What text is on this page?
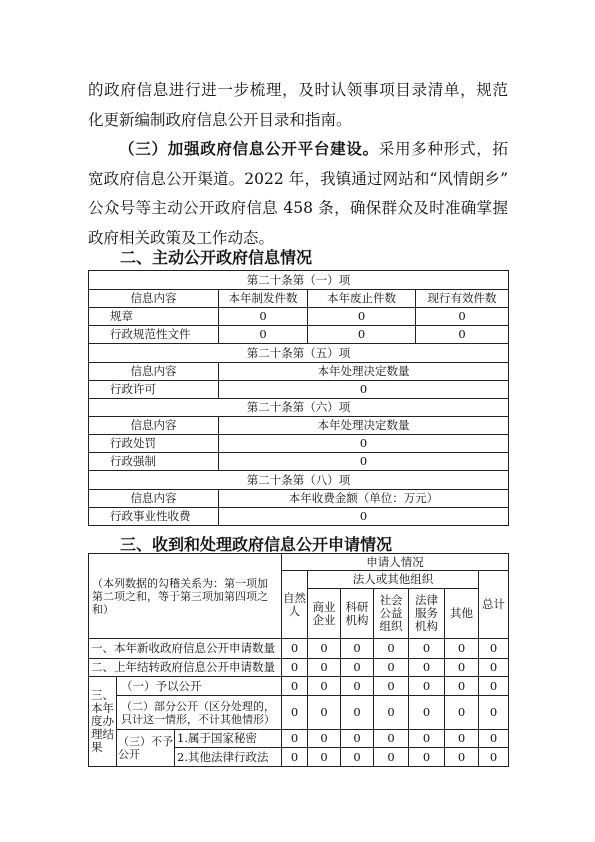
的政府信息进行进一步梳理，及时认领事项目录清单，规范
化更新编制政府信息公开目录和指南。
（三）加强政府信息公开平台建设。采用多种形式，拓
宽政府信息公开渠道。2022 年，我镇通过网站和“风情朗乡”
公众号等主动公开政府信息 458 条，确保群众及时准确掌握
政府相关政策及工作动态。
二、主动公开政府信息情况
第二十条第（一）项			
信息内容	本年制发件数	本年废止件数	现行有效件数
规章	0	0	0
行政规范性文件	0	0	0
第二十条第（五）项			
信息内容	本年处理决定数量		
行政许可	0		
第二十条第（六）项			
信息内容	本年处理决定数量		
行政处罚	0		
行政强制	0		
第二十条第（八）项			
信息内容	本年收费金额（单位：万元）		
行政事业性收费	0		
三、收到和处理政府信息公开申请情况
（本列数据的勾稽关系为：第一项加第二项之和，等于第三项加第四项之和）			申请人情况						
			自然人	法人或其他组织					总计
				商业企业	科研机构	社会公益组织	法律服务机构	其他	
一、本年新收政府信息公开申请数量			0	0	0	0	0	0	0
二、上年结转政府信息公开申请数量			0	0	0	0	0	0	0
三、本年度办理结果	（一）予以公开		0	0	0	0	0	0	0
	（二）部分公开（区分处理的，只计这一情形，不计其他情形）		0	0	0	0	0	0	0
	（三）不予公开	1.属于国家秘密	0	0	0	0	0	0	0
		2.其他法律行政法	0	0	0	0	0	0	0
